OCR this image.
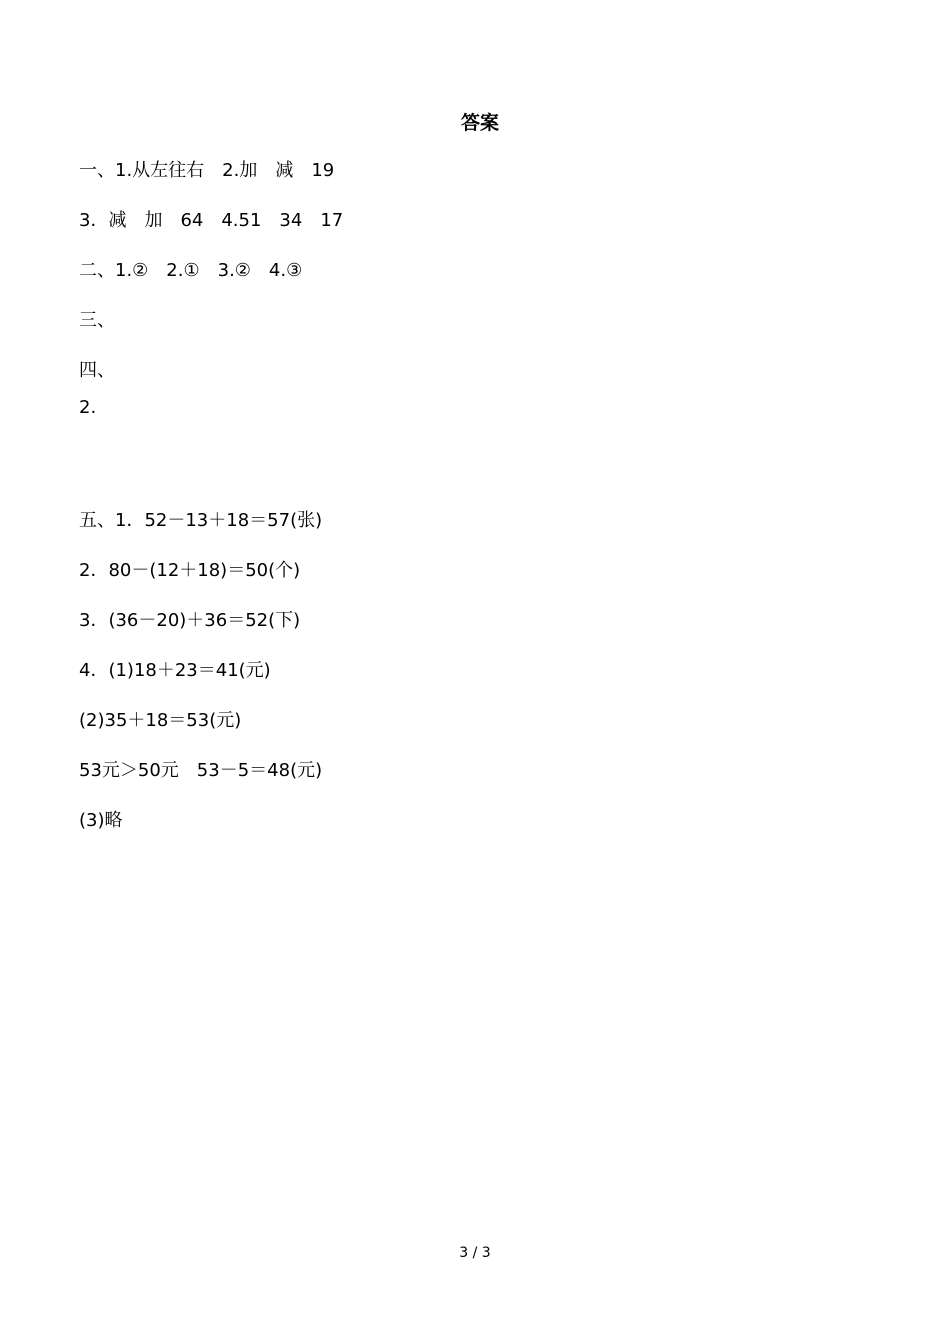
答案
一、1.从左往右　2.加　减　19
3．减　加　64　4.51　34　17
二、1.②　2.①　3.②　4.③
三、
四、
2.
五、1．52－13＋18＝57(张)
2．80－(12＋18)＝50(个)
3．(36－20)＋36＝52(下)
4．(1)18＋23＝41(元)
(2)35＋18＝53(元)
53元＞50元　53－5＝48(元)
(3)略
3 / 3
